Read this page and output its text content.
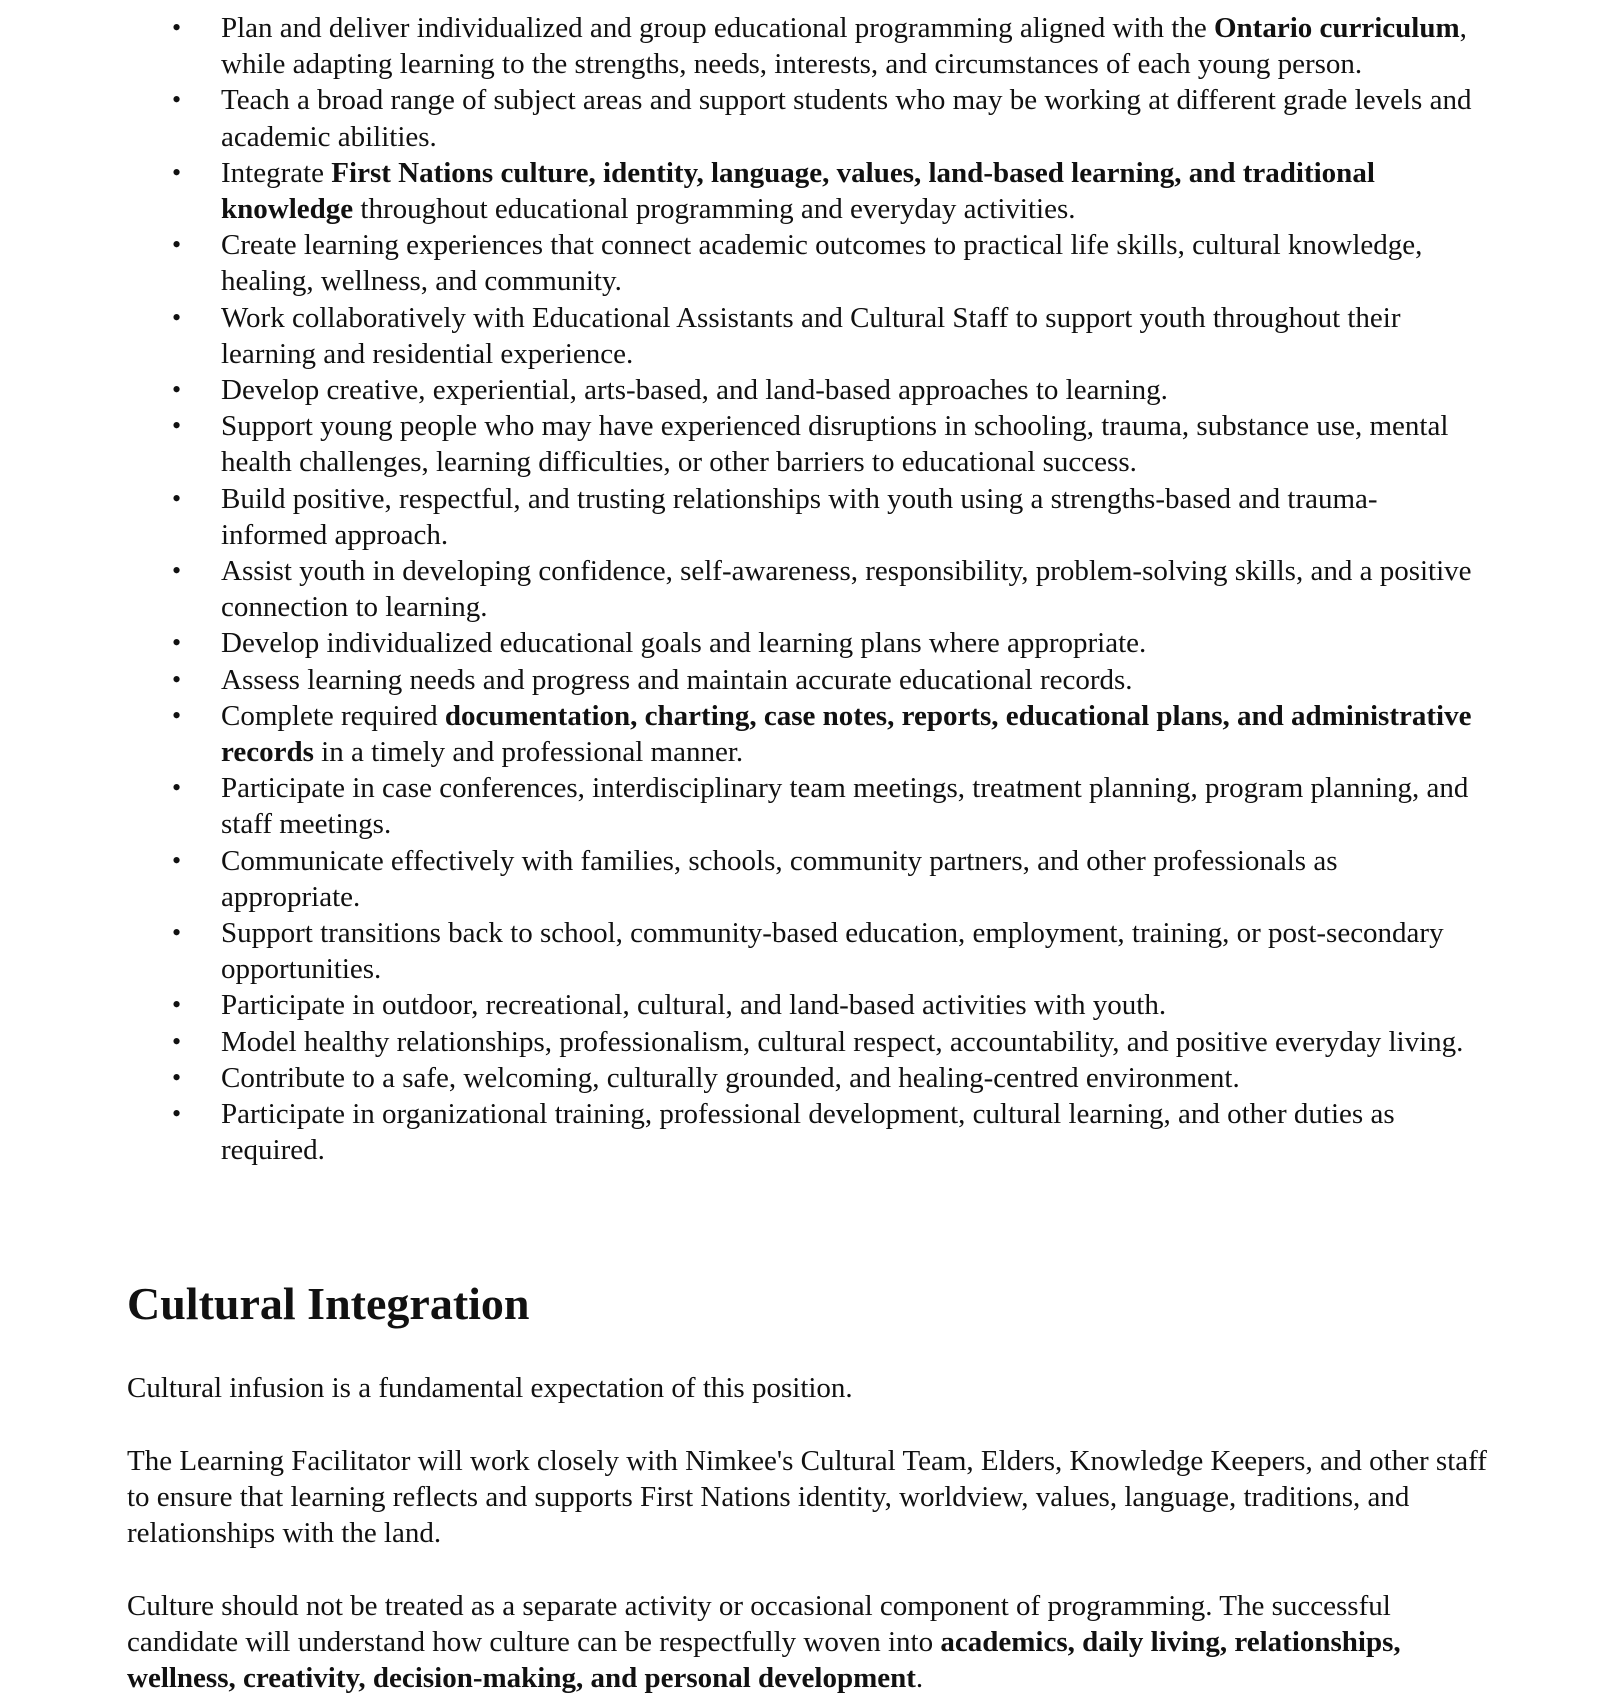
• Plan and deliver individualized and group educational programming aligned with the Ontario curriculum, while adapting learning to the strengths, needs, interests, and circumstances of each young person.
• Teach a broad range of subject areas and support students who may be working at different grade levels and academic abilities.
• Integrate First Nations culture, identity, language, values, land-based learning, and traditional knowledge throughout educational programming and everyday activities.
• Create learning experiences that connect academic outcomes to practical life skills, cultural knowledge, healing, wellness, and community.
• Work collaboratively with Educational Assistants and Cultural Staff to support youth throughout their learning and residential experience.
• Develop creative, experiential, arts-based, and land-based approaches to learning.
• Support young people who may have experienced disruptions in schooling, trauma, substance use, mental health challenges, learning difficulties, or other barriers to educational success.
• Build positive, respectful, and trusting relationships with youth using a strengths-based and trauma-informed approach.
• Assist youth in developing confidence, self-awareness, responsibility, problem-solving skills, and a positive connection to learning.
• Develop individualized educational goals and learning plans where appropriate.
• Assess learning needs and progress and maintain accurate educational records.
• Complete required documentation, charting, case notes, reports, educational plans, and administrative records in a timely and professional manner.
• Participate in case conferences, interdisciplinary team meetings, treatment planning, program planning, and staff meetings.
• Communicate effectively with families, schools, community partners, and other professionals as appropriate.
• Support transitions back to school, community-based education, employment, training, or post-secondary opportunities.
• Participate in outdoor, recreational, cultural, and land-based activities with youth.
• Model healthy relationships, professionalism, cultural respect, accountability, and positive everyday living.
• Contribute to a safe, welcoming, culturally grounded, and healing-centred environment.
• Participate in organizational training, professional development, cultural learning, and other duties as required.
Cultural Integration

Cultural infusion is a fundamental expectation of this position.

The Learning Facilitator will work closely with Nimkee's Cultural Team, Elders, Knowledge Keepers, and other staff to ensure that learning reflects and supports First Nations identity, worldview, values, language, traditions, and relationships with the land.

Culture should not be treated as a separate activity or occasional component of programming. The successful candidate will understand how culture can be respectfully woven into academics, daily living, relationships, wellness, creativity, decision-making, and personal development.
